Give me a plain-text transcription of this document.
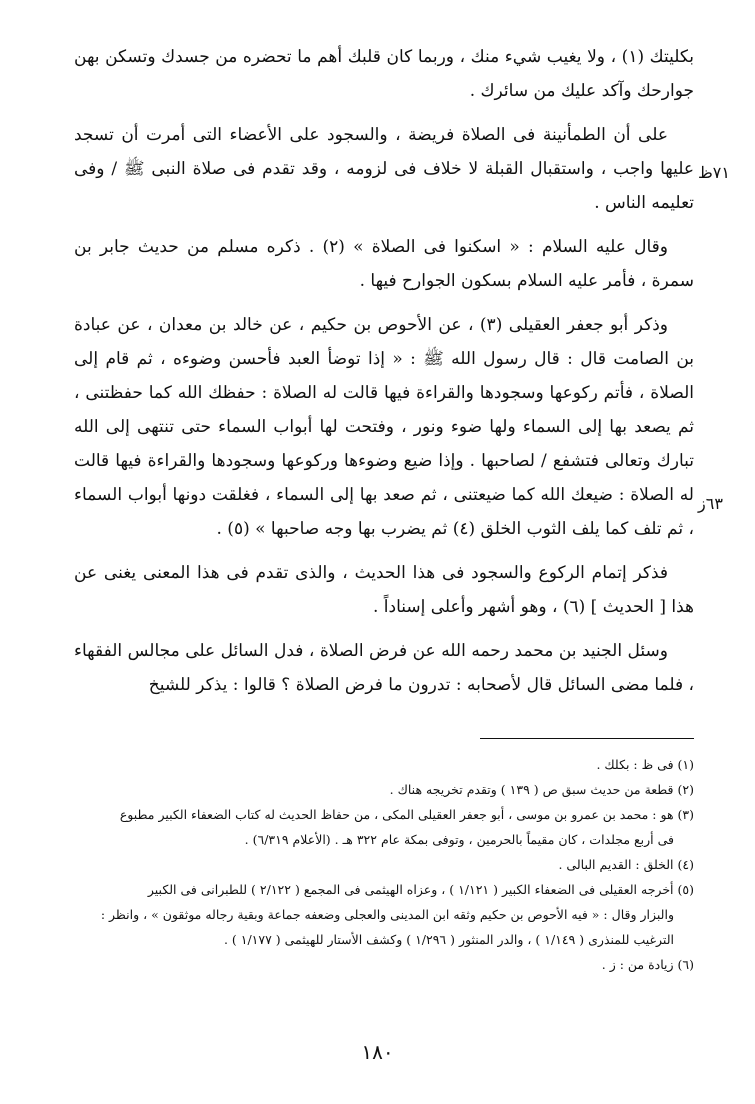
بكليتك (١) ، ولا يغيب شيء منك ، وربما كان قلبك أهم ما تحضره من جسدك وتسكن بهن جوارحك وآكد عليك من سائرك .

على أن الطمأنينة فى الصلاة فريضة ، والسجود على الأعضاء التى أمرت أن تسجد عليها واجب ، واستقبال القبلة لا خلاف فى لزومه ، وقد تقدم فى صلاة النبى ﷺ / وفى تعليمه الناس .

وقال عليه السلام : « اسكنوا فى الصلاة » (٢) . ذكره مسلم من حديث جابر بن سمرة ، فأمر عليه السلام بسكون الجوارح فيها .

وذكر أبو جعفر العقيلى (٣) ، عن الأحوص بن حكيم ، عن خالد بن معدان ، عن عبادة بن الصامت قال : قال رسول الله ﷺ : « إذا توضأ العبد فأحسن وضوءه ، ثم قام إلى الصلاة ، فأتم ركوعها وسجودها والقراءة فيها قالت له الصلاة : حفظك الله كما حفظتنى ، ثم يصعد بها إلى السماء ولها ضوء ونور ، وفتحت لها أبواب السماء حتى تنتهى إلى الله تبارك وتعالى فتشفع / لصاحبها . وإذا ضيع وضوءها وركوعها وسجودها والقراءة فيها قالت له الصلاة : ضيعك الله كما ضيعتنى ، ثم صعد بها إلى السماء ، فغلقت دونها أبواب السماء ، ثم تلف كما يلف الثوب الخلق (٤) ثم يضرب بها وجه صاحبها » (٥) .

فذكر إتمام الركوع والسجود فى هذا الحديث ، والذى تقدم فى هذا المعنى يغنى عن هذا [ الحديث ] (٦) ، وهو أشهر وأعلى إسناداً .

وسئل الجنيد بن محمد رحمه الله عن فرض الصلاة ، فدل السائل على مجالس الفقهاء ، فلما مضى السائل قال لأصحابه : تدرون ما فرض الصلاة ؟ قالوا : يذكر للشيخ

٧١ظ
٦٣ز

(١) فى ظ : بكلك .

(٢) قطعة من حديث سبق ص ( ١٣٩ ) وتقدم تخريجه هناك .

(٣) هو : محمد بن عمرو بن موسى ، أبو جعفر العقيلى المكى ، من حفاظ الحديث له كتاب الضعفاء الكبير مطبوع

فى أربع مجلدات ، كان مقيماً بالحرمين ، وتوفى بمكة عام ٣٢٢ هـ . (الأعلام ٦/٣١٩) .

(٤) الخلق : القديم البالى .

(٥) أخرجه العقيلى فى الضعفاء الكبير ( ١/١٢١ ) ، وعزاه الهيثمى فى المجمع ( ٢/١٢٢ ) للطبرانى فى الكبير

والبزار وقال : « فيه الأحوص بن حكيم وثقه ابن المدينى والعجلى وضعفه جماعة وبقية رجاله موثقون » ، وانظر :

الترغيب للمنذرى ( ١/١٤٩ ) ، والدر المنثور ( ١/٢٩٦ ) وكشف الأستار للهيثمى ( ١/١٧٧ ) .

(٦) زيادة من : ز .

١٨٠
